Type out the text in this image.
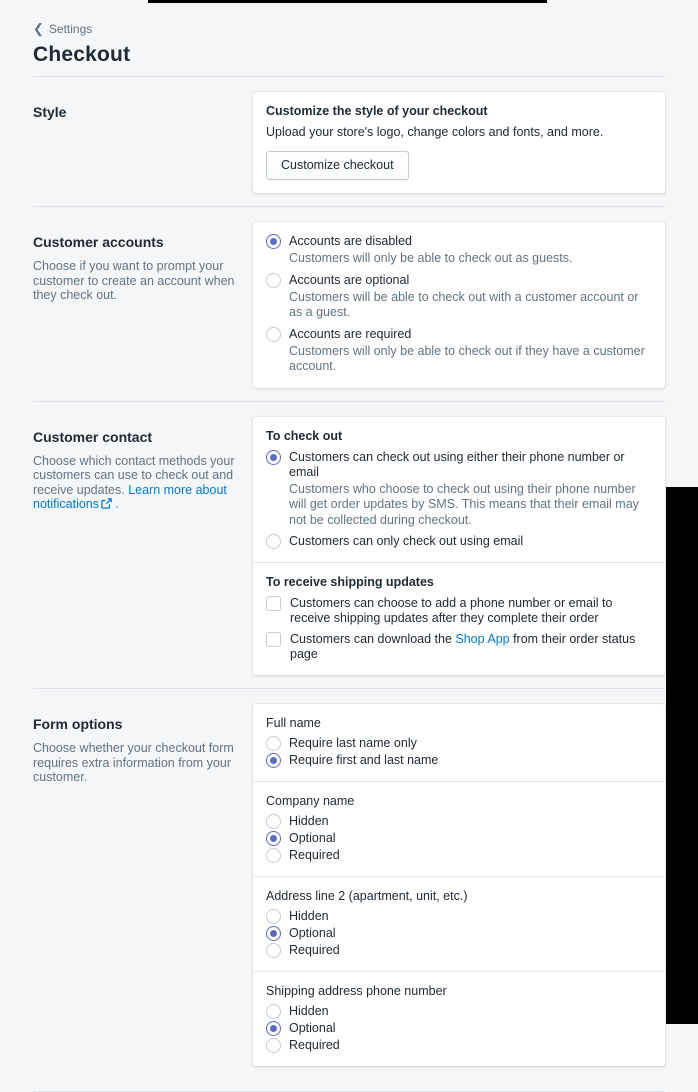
❮ Settings
Checkout
Style	Customize the style of your checkout
Upload your store's logo, change colors and fonts, and more.
Customize checkout
Customer accounts

Choose if you want to prompt your customer to create an account when they check out.

Accounts are disabled
Customers will only be able to check out as guests.
Accounts are optional
Customers will be able to check out with a customer account or as a guest.
Accounts are required
Customers will only be able to check out if they have a customer account.
Customer contact

Choose which contact methods your customers can use to check out and receive updates. Learn more about notifications
.

To check out
Customers can check out using either their phone number or email
Customers who choose to check out using their phone number will get order updates by SMS. This means that their email may not be collected during checkout.
Customers can only check out using email
To receive shipping updates
Customers can choose to add a phone number or email to receive shipping updates after they complete their order
Customers can download the Shop App from their order status page
Form options

Choose whether your checkout form requires extra information from your customer.

Full name
Require last name only
Require first and last name
Company name
Hidden
Optional
Required
Address line 2 (apartment, unit, etc.)
Hidden
Optional
Required
Shipping address phone number
Hidden
Optional
Required
